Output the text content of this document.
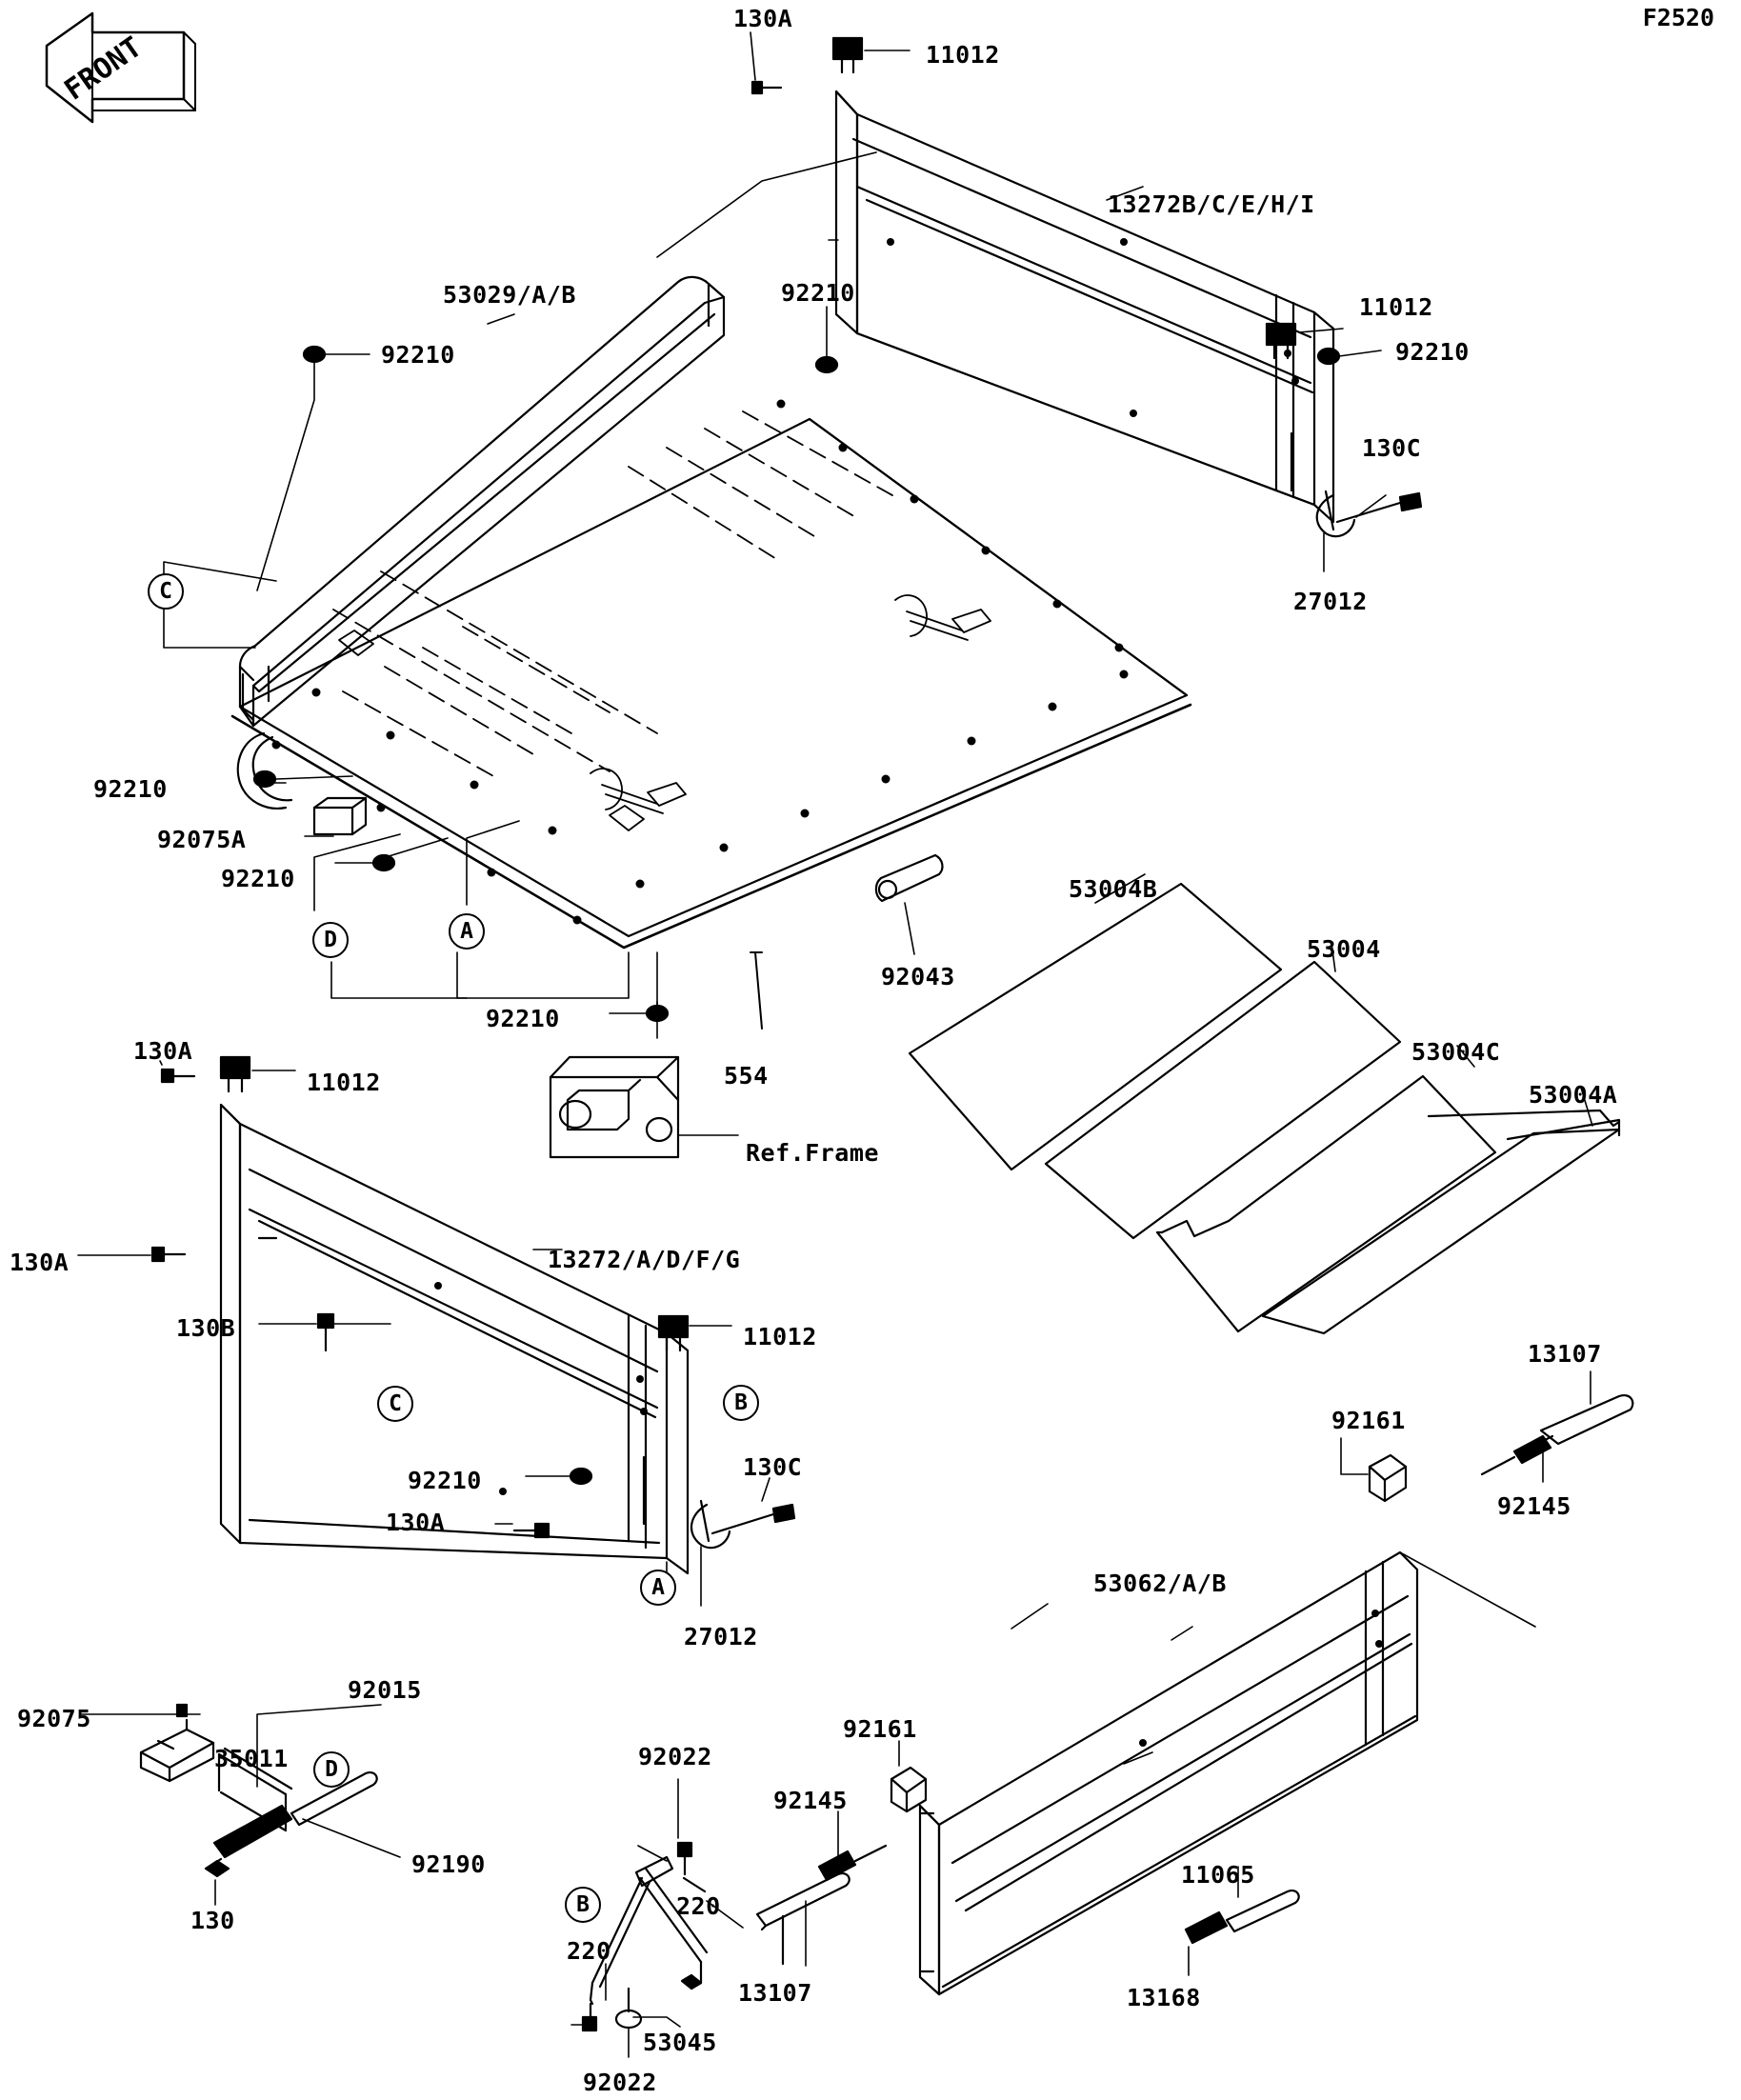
F2520
FRONT
130A
11012
13272B/C/E/H/I
53029/A/B	92210
11012
92210
92210
130C
27012
92210
92075A
92210	53004B
53004
53004C
92043
53004A
92210
554
130A
11012
Ref.Frame
130A	13272/A/D/F/G
130B	11012
13107
92161
92145
92210	130C
53062/A/B
130A
27012
92015
92075
35011
92161
92022
92145
92190	11065
220
130
220
13107	13168
53045
92022
C
D	A
C	B
A
D
B
